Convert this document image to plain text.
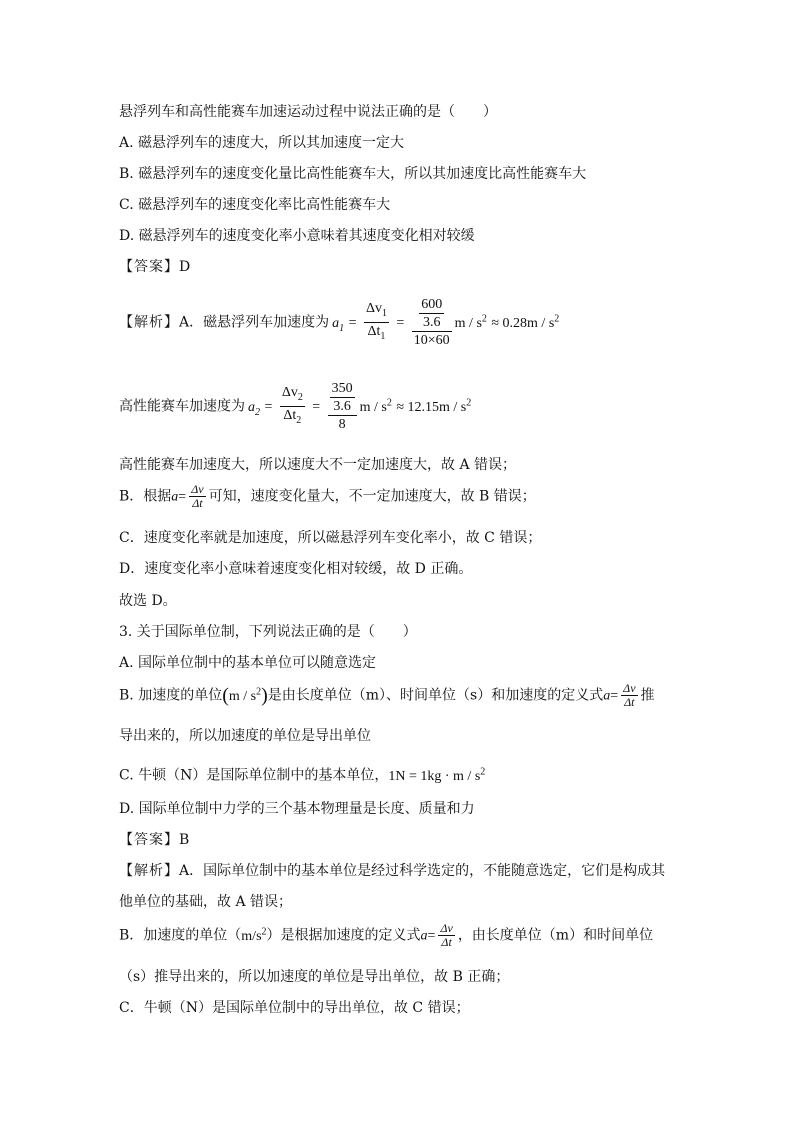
悬浮列车和高性能赛车加速运动过程中说法正确的是（　　）
A. 磁悬浮列车的速度大，所以其加速度一定大
B. 磁悬浮列车的速度变化量比高性能赛车大，所以其加速度比高性能赛车大
C. 磁悬浮列车的速度变化率比高性能赛车大
D. 磁悬浮列车的速度变化率小意味着其速度变化相对较缓
【答案】D
【解析】A．磁悬浮列车加速度为 $a_1 = \frac{\Delta v_1}{\Delta t_1} = \frac{\frac{600}{3.6}}{10\times 60}$ $m / s^2 \approx 0.28m / s^2$
高性能赛车加速度为 $a_2 = \frac{\Delta v_2}{\Delta t_2} = \frac{\frac{350}{3.6}}{8}$ $m / s^2 \approx 12.15m / s^2$
高性能赛车加速度大，所以速度大不一定加速度大，故 A 错误；
B．根据$a= \frac{\Delta v}{\Delta t}$ 可知，速度变化量大，不一定加速度大，故 B 错误；
C．速度变化率就是加速度，所以磁悬浮列车变化率小，故 C 错误；
D．速度变化率小意味着速度变化相对较缓，故 D 正确。
故选 D。
3. 关于国际单位制，下列说法正确的是（　　）
A. 国际单位制中的基本单位可以随意选定
B. 加速度的单位$(m / s^2)$是由长度单位（m）、时间单位（s）和加速度的定义式$a= \frac{\Delta v}{\Delta t}$ 推
导出来的，所以加速度的单位是导出单位
C. 牛顿（N）是国际单位制中的基本单位，$1N = 1kg \cdot m / s^2$
D. 国际单位制中力学的三个基本物理量是长度、质量和力
【答案】B
【解析】A．国际单位制中的基本单位是经过科学选定的，不能随意选定，它们是构成其
他单位的基础，故 A 错误；
B．加速度的单位$(m/s^2)$是根据加速度的定义式$a= \frac{\Delta v}{\Delta t}$ ，由长度单位（m）和时间单位
（s）推导出来的，所以加速度的单位是导出单位，故 B 正确；
C．牛顿（N）是国际单位制中的导出单位，故 C 错误；
